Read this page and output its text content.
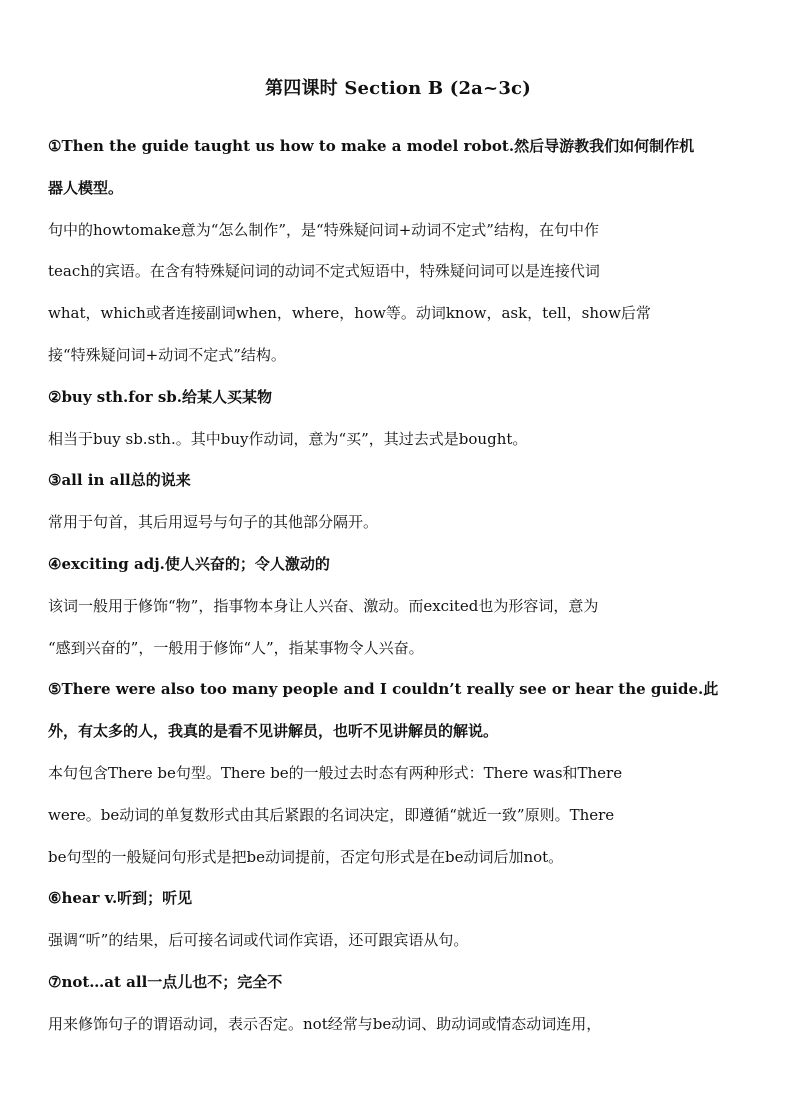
第四课时 Section B (2a~3c)
①Then the guide taught us how to make a model robot.然后导游教我们如何制作机
器人模型。
句中的howtomake意为“怎么制作”，是“特殊疑问词+动词不定式”结构，在句中作
teach的宾语。在含有特殊疑问词的动词不定式短语中，特殊疑问词可以是连接代词
what，which或者连接副词when，where，how等。动词know，ask，tell，show后常
接“特殊疑问词+动词不定式”结构。
②buy sth.for sb.给某人买某物
相当于buy sb.sth.。其中buy作动词，意为“买”，其过去式是bought。
③all in all总的说来
常用于句首，其后用逗号与句子的其他部分隔开。
④exciting adj.使人兴奋的；令人激动的
该词一般用于修饰“物”，指事物本身让人兴奋、激动。而excited也为形容词，意为
“感到兴奋的”，一般用于修饰“人”，指某事物令人兴奋。
⑤There were also too many people and I couldn’t really see or hear the guide.此
外，有太多的人，我真的是看不见讲解员，也听不见讲解员的解说。
本句包含There be句型。There be的一般过去时态有两种形式：There was和There
were。be动词的单复数形式由其后紧跟的名词决定，即遵循“就近一致”原则。There
be句型的一般疑问句形式是把be动词提前，否定句形式是在be动词后加not。
⑥hear v.听到；听见
强调“听”的结果，后可接名词或代词作宾语，还可跟宾语从句。
⑦not…at all一点儿也不；完全不
用来修饰句子的谓语动词，表示否定。not经常与be动词、助动词或情态动词连用，
